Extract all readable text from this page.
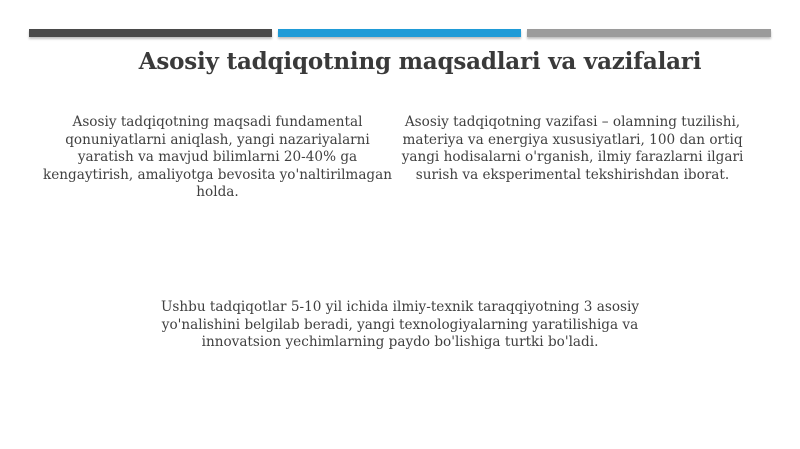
Asosiy tadqiqotning maqsadlari va vazifalari

Asosiy tadqiqotning maqsadi fundamental qonuniyatlarni aniqlash, yangi nazariyalarni yaratish va mavjud bilimlarni 20-40% ga kengaytirish, amaliyotga bevosita yo'naltirilmagan holda.

Asosiy tadqiqotning vazifasi – olamning tuzilishi, materiya va energiya xususiyatlari, 100 dan ortiq yangi hodisalarni o'rganish, ilmiy farazlarni ilgari surish va eksperimental tekshirishdan iborat.

Ushbu tadqiqotlar 5-10 yil ichida ilmiy-texnik taraqqiyotning 3 asosiy yo'nalishini belgilab beradi, yangi texnologiyalarning yaratilishiga va innovatsion yechimlarning paydo bo'lishiga turtki bo'ladi.
